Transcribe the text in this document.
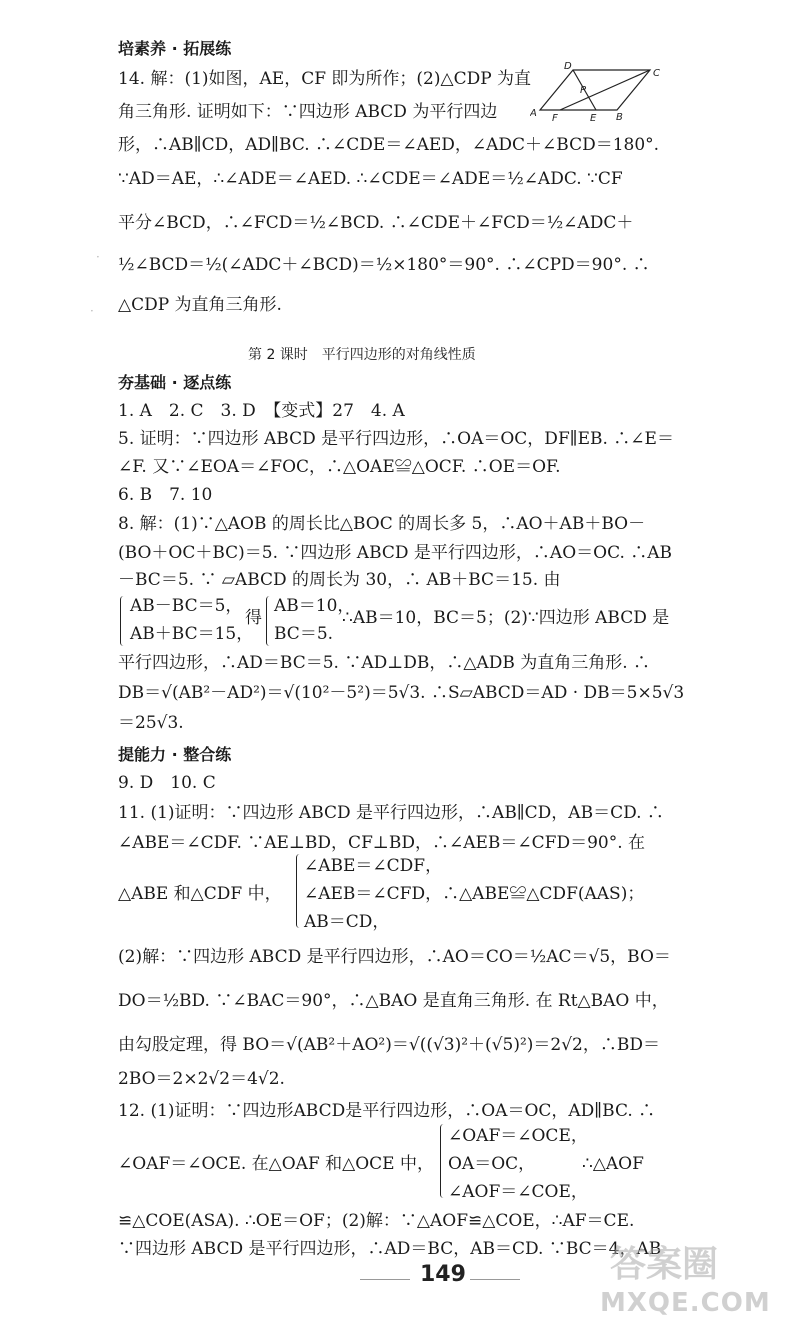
培素养 · 拓展练
14. 解：(1)如图，AE，CF 即为所作；(2)△CDP 为直
角三角形. 证明如下：∵四边形 ABCD 为平行四边
形，∴AB∥CD，AD∥BC. ∴∠CDE＝∠AED，∠ADC＋∠BCD＝180°.
∵AD＝AE，∴∠ADE＝∠AED. ∴∠CDE＝∠ADE＝½∠ADC. ∵CF
平分∠BCD，∴∠FCD＝½∠BCD. ∴∠CDE＋∠FCD＝½∠ADC＋
½∠BCD＝½(∠ADC＋∠BCD)＝½×180°＝90°. ∴∠CPD＝90°. ∴
△CDP 为直角三角形.
D
C
A F	E B
P
·
·
第 2 课时　平行四边形的对角线性质
夯基础 · 逐点练
1. A　2. C　3. D　【变式】27　4. A
5. 证明：∵四边形 ABCD 是平行四边形，∴OA＝OC，DF∥EB. ∴∠E＝
∠F. 又∵∠EOA＝∠FOC，∴△OAE≌△OCF. ∴OE＝OF.
6. B　7. 10
8. 解：(1)∵△AOB 的周长比△BOC 的周长多 5，∴AO＋AB＋BO－
(BO＋OC＋BC)＝5. ∵四边形 ABCD 是平行四边形，∴AO＝OC. ∴AB
－BC＝5. ∵ ▱ABCD 的周长为 30，∴ AB＋BC＝15. 由
AB－BC＝5，
AB＋BC＝15，
得
AB＝10，
BC＝5.
∴AB＝10，BC＝5；(2)∵四边形 ABCD 是
平行四边形，∴AD＝BC＝5. ∵AD⊥DB，∴△ADB 为直角三角形. ∴
DB＝√(AB²－AD²)＝√(10²－5²)＝5√3. ∴S▱ABCD＝AD · DB＝5×5√3
＝25√3.
提能力 · 整合练
9. D　10. C
11. (1)证明：∵四边形 ABCD 是平行四边形，∴AB∥CD，AB＝CD. ∴
∠ABE＝∠CDF. ∵AE⊥BD，CF⊥BD，∴∠AEB＝∠CFD＝90°. 在
△ABE 和△CDF 中，
∠ABE＝∠CDF，
∠AEB＝∠CFD，∴△ABE≌△CDF(AAS)；
AB＝CD，
(2)解：∵四边形 ABCD 是平行四边形，∴AO＝CO＝½AC＝√5，BO＝
DO＝½BD. ∵∠BAC＝90°，∴△BAO 是直角三角形. 在 Rt△BAO 中，
由勾股定理，得 BO＝√(AB²＋AO²)＝√((√3)²＋(√5)²)＝2√2，∴BD＝
2BO＝2×2√2＝4√2.
12. (1)证明：∵四边形ABCD是平行四边形，∴OA＝OC，AD∥BC. ∴
∠OAF＝∠OCE. 在△OAF 和△OCE 中，
∠OAF＝∠OCE，
OA＝OC，	∴△AOF
∠AOF＝∠COE，
≌△COE(ASA). ∴OE＝OF；(2)解：∵△AOF≌△COE，∴AF＝CE.
∵四边形 ABCD 是平行四边形，∴AD＝BC，AB＝CD. ∵BC＝4，AB
149	答案圈
MXQE.COM
